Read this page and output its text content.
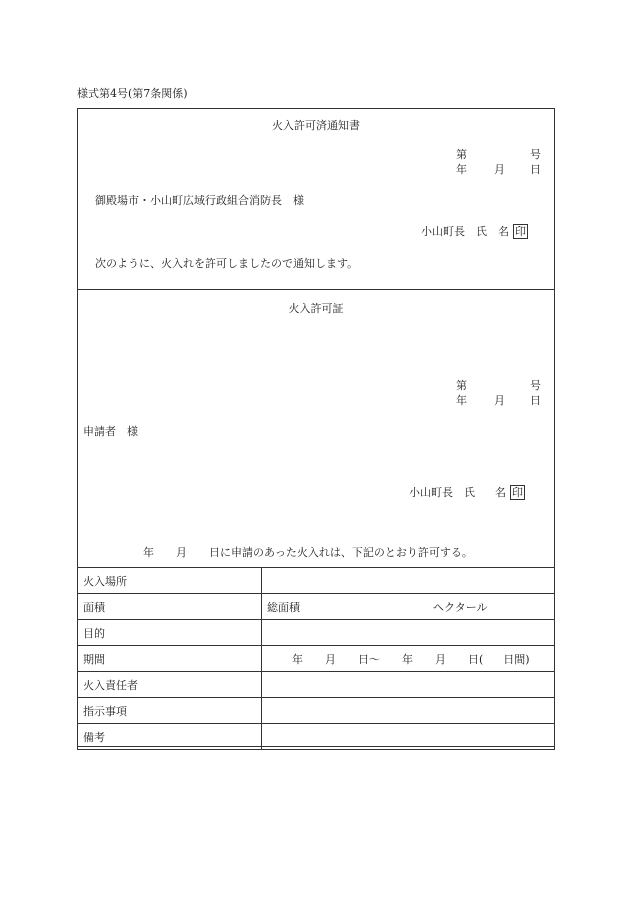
様式第4号(第7条関係)
火入許可済通知書
第	号
年 月 日
御殿場市・小山町広域行政組合消防長　様
小山町長　氏　名 印
次のように、火入れを許可しましたので通知します。
火入許可証
第	号
年 月 日
申請者　様
小山町長　氏 名 印
年 月 日に申請のあった火入れは、下記のとおり許可する。
火入場所	
面積	総面積 ヘクタール
目的	
期間	年 月 日～ 年 月 日( 日間)
火入責任者	
指示事項	
備考	
